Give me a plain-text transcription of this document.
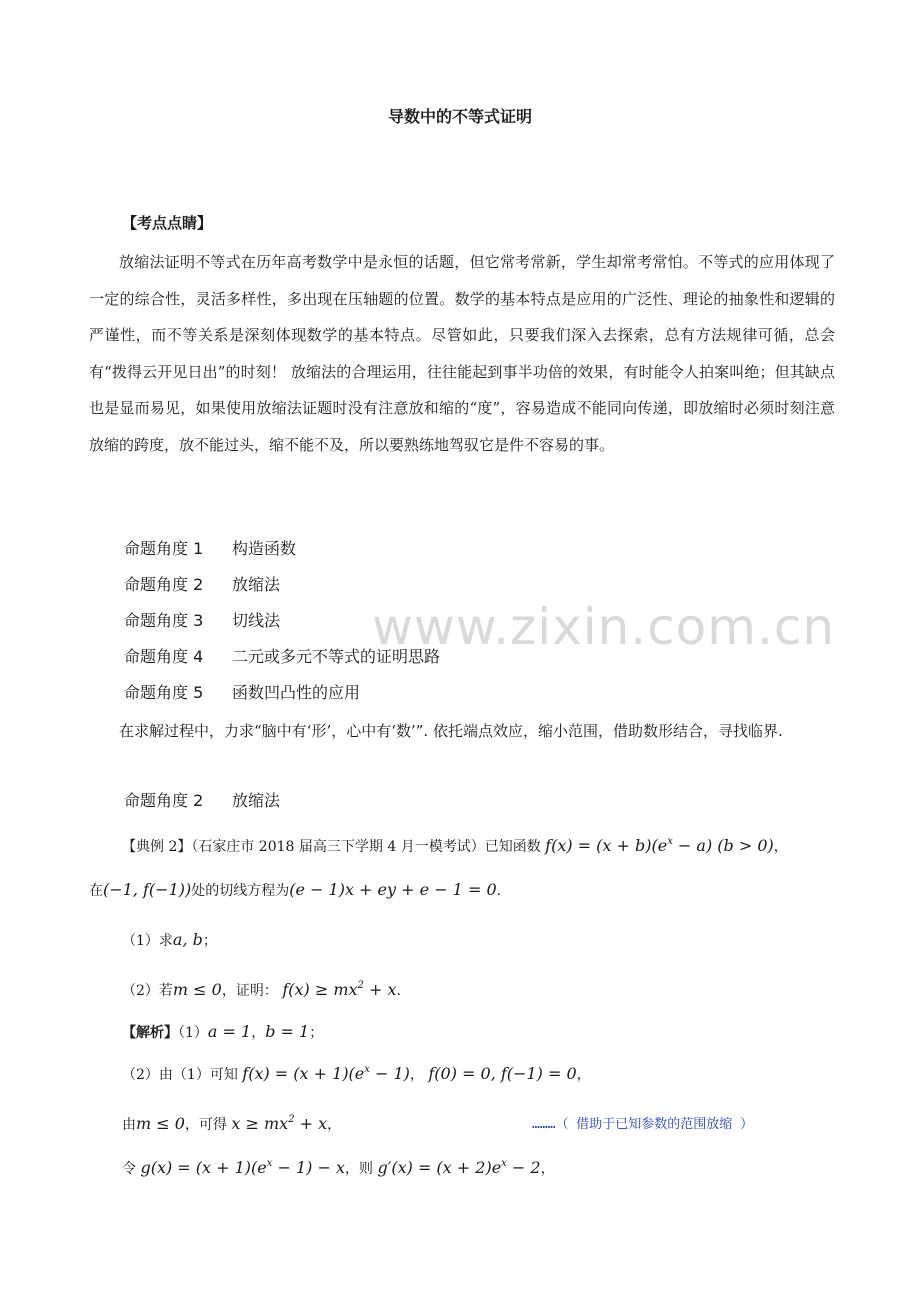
www.zixin.com.cn
导数中的不等式证明
【考点点睛】

放缩法证明不等式在历年高考数学中是永恒的话题，但它常考常新，学生却常考常怕。不等式的应用体现了一定的综合性，灵活多样性，多出现在压轴题的位置。数学的基本特点是应用的广泛性、理论的抽象性和逻辑的严谨性，而不等关系是深刻体现数学的基本特点。尽管如此，只要我们深入去探索，总有方法规律可循，总会有“拨得云开见日出”的时刻！ 放缩法的合理运用，往往能起到事半功倍的效果，有时能令人拍案叫绝；但其缺点也是显而易见，如果使用放缩法证题时没有注意放和缩的“度”，容易造成不能同向传递，即放缩时必须时刻注意放缩的跨度，放不能过头，缩不能不及，所以要熟练地驾驭它是件不容易的事。

命题角度 1	构造函数
命题角度 2	放缩法
命题角度 3	切线法
命题角度 4	二元或多元不等式的证明思路
命题角度 5	函数凹凸性的应用

在求解过程中，力求“脑中有‘形’，心中有‘数’”. 依托端点效应，缩小范围，借助数形结合，寻找临界.

命题角度 2	放缩法
【典例 2】（石家庄市 2018 届高三下学期 4 月一模考试）已知函数 $f(x) = (x + b)(e^x - a)$ (b > 0)，
在(−1, f(−1))处的切线方程为(e − 1)x + ey + e − 1 = 0.
（1）求a, b；
（2）若m ≤ 0，证明： $f(x) \ge mx^2 + x$.
【解析】（1）a = 1，b = 1；
（2）由（1）可知 $f(x) = (x + 1)(e^x - 1)$， f(0) = 0, f(−1) = 0，
由m ≤ 0，可得 $x \ge mx^2 + x$，	………（ 借助于已知参数的范围放缩 ）
令 $g(x) = (x + 1)(e^x - 1) - x$，则 $g'(x) = (x + 2)e^x - 2$，
